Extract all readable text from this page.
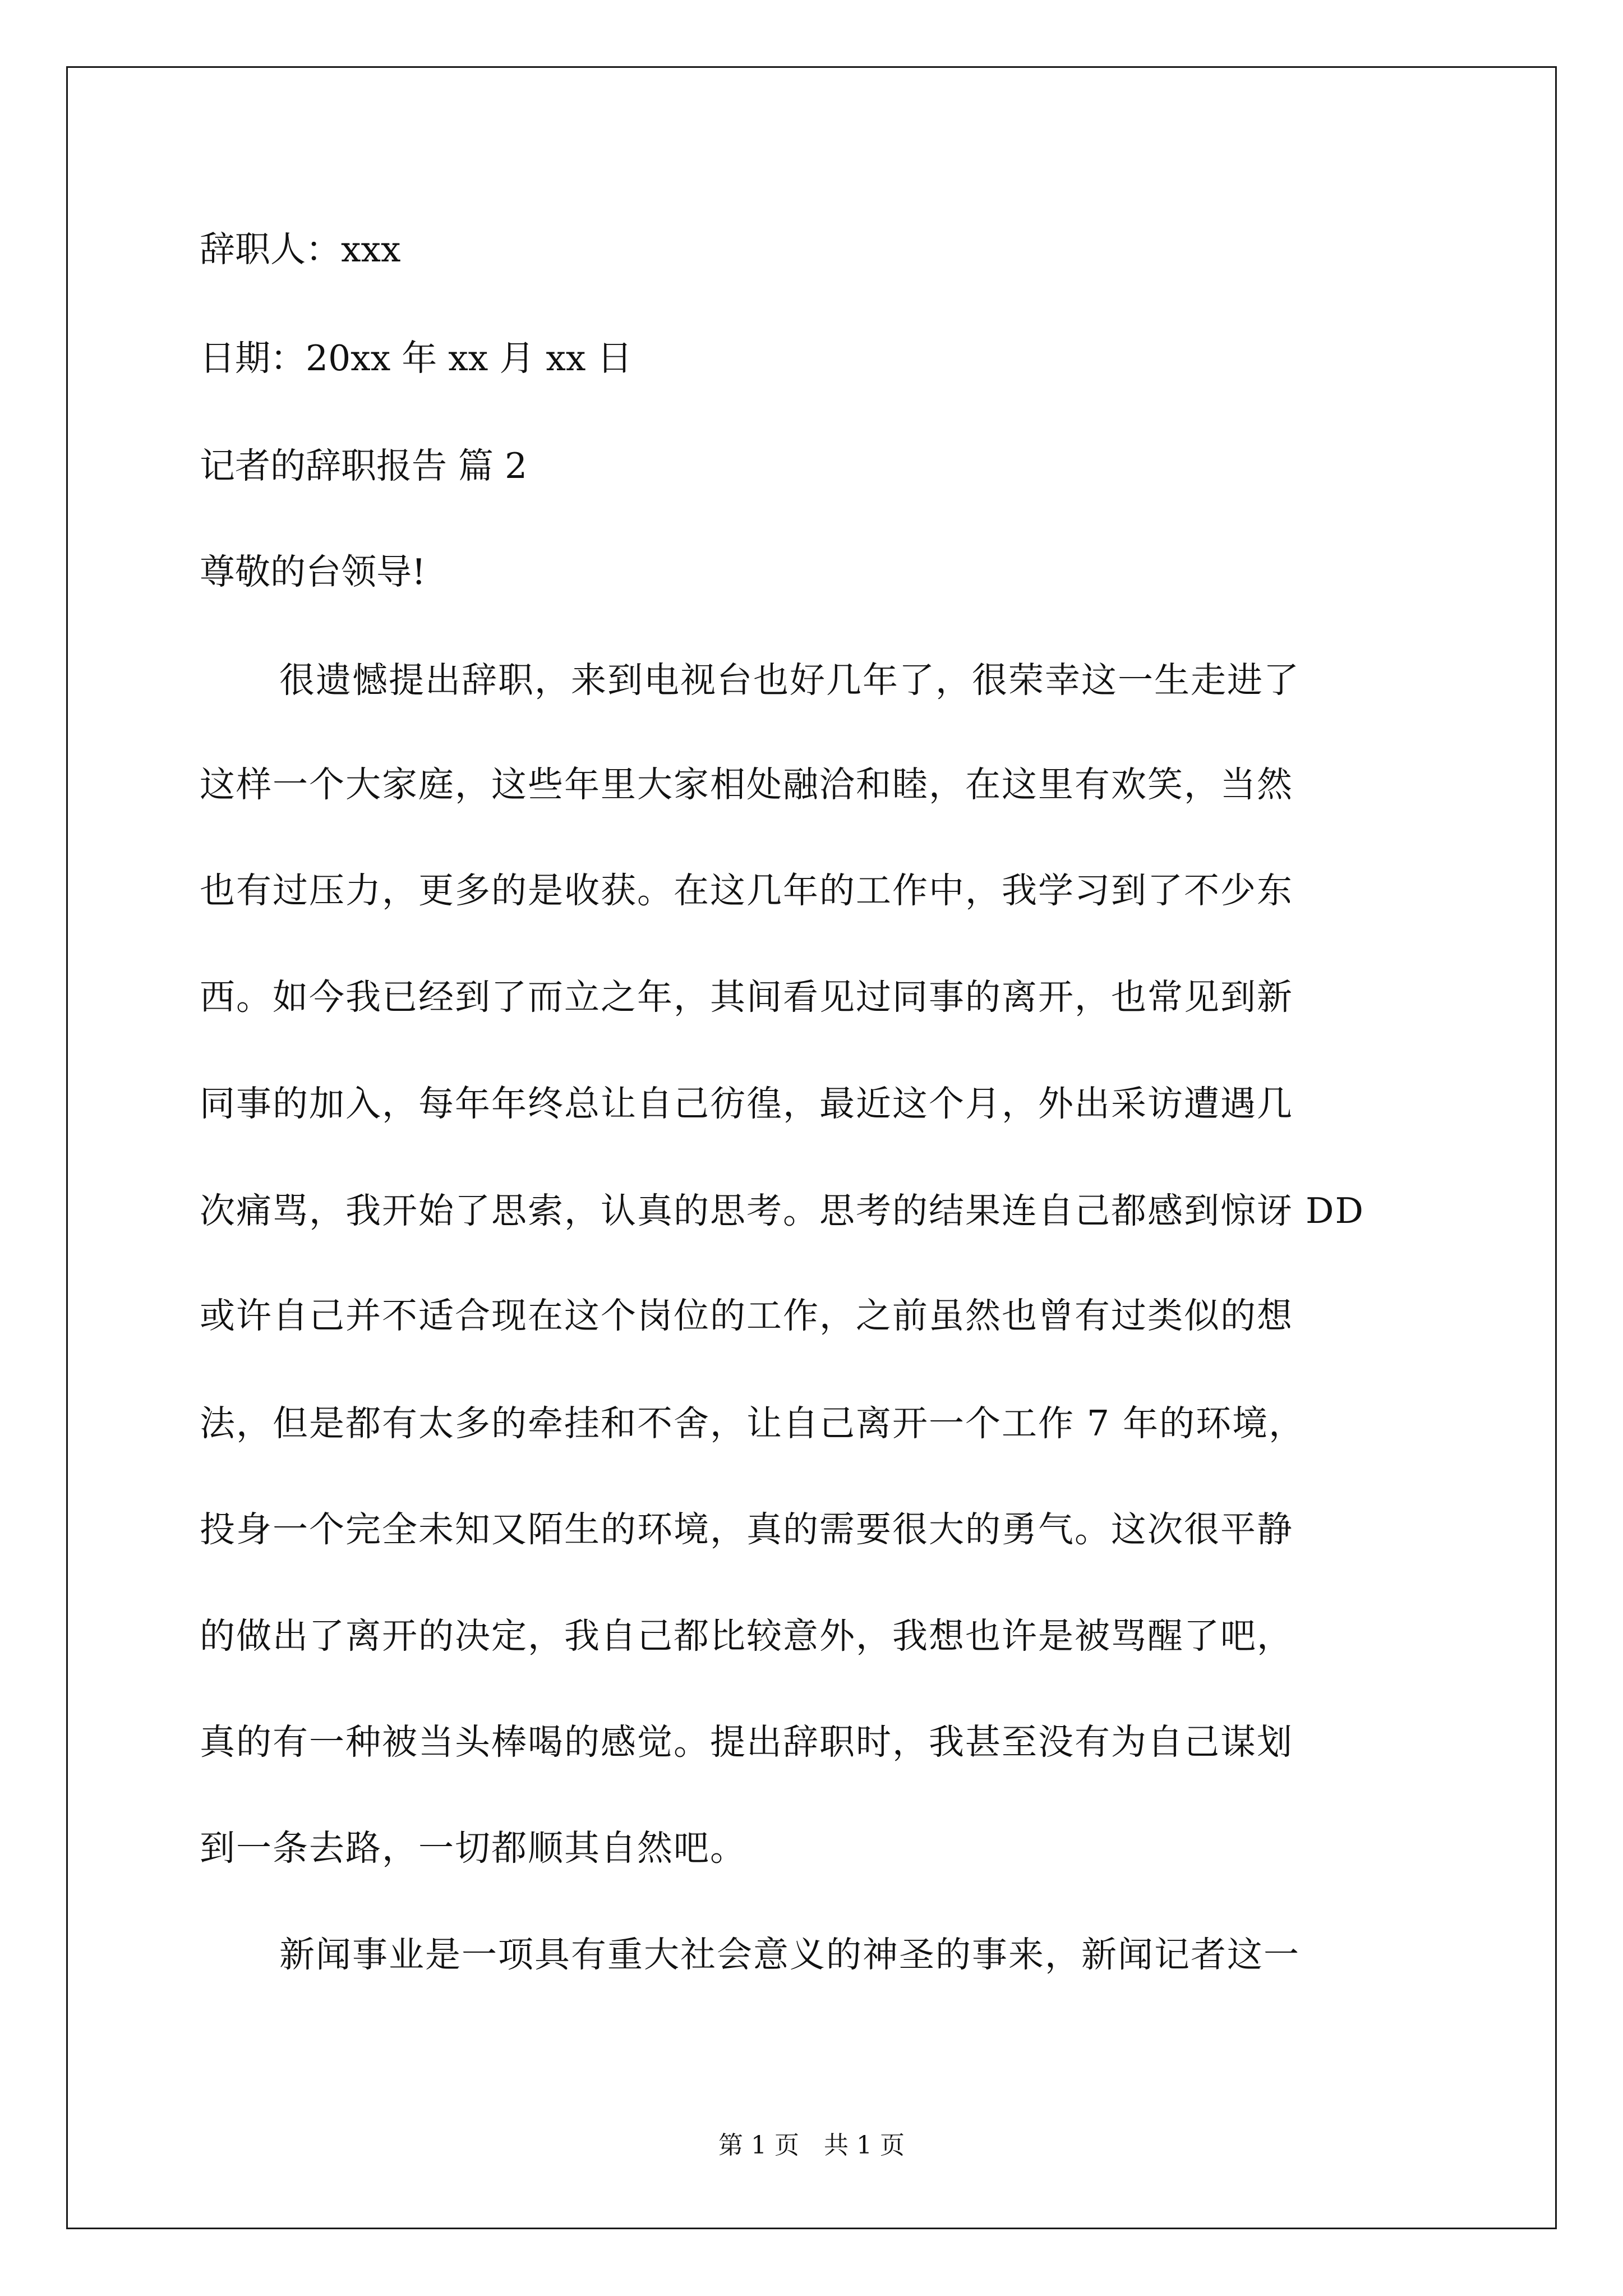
辞职人：xxx
日期：20xx 年 xx 月 xx 日
记者的辞职报告 篇 2
尊敬的台领导!
很遗憾提出辞职，来到电视台也好几年了，很荣幸这一生走进了
这样一个大家庭，这些年里大家相处融洽和睦，在这里有欢笑，当然
也有过压力，更多的是收获。在这几年的工作中，我学习到了不少东
西。如今我已经到了而立之年，其间看见过同事的离开，也常见到新
同事的加入，每年年终总让自己彷徨，最近这个月，外出采访遭遇几
次痛骂，我开始了思索，认真的思考。思考的结果连自己都感到惊讶 DD
或许自己并不适合现在这个岗位的工作，之前虽然也曾有过类似的想
法，但是都有太多的牵挂和不舍，让自己离开一个工作 7 年的环境，
投身一个完全未知又陌生的环境，真的需要很大的勇气。这次很平静
的做出了离开的决定，我自己都比较意外，我想也许是被骂醒了吧，
真的有一种被当头棒喝的感觉。提出辞职时，我甚至没有为自己谋划
到一条去路，一切都顺其自然吧。
新闻事业是一项具有重大社会意义的神圣的事来，新闻记者这一
第 1 页　共 1 页
